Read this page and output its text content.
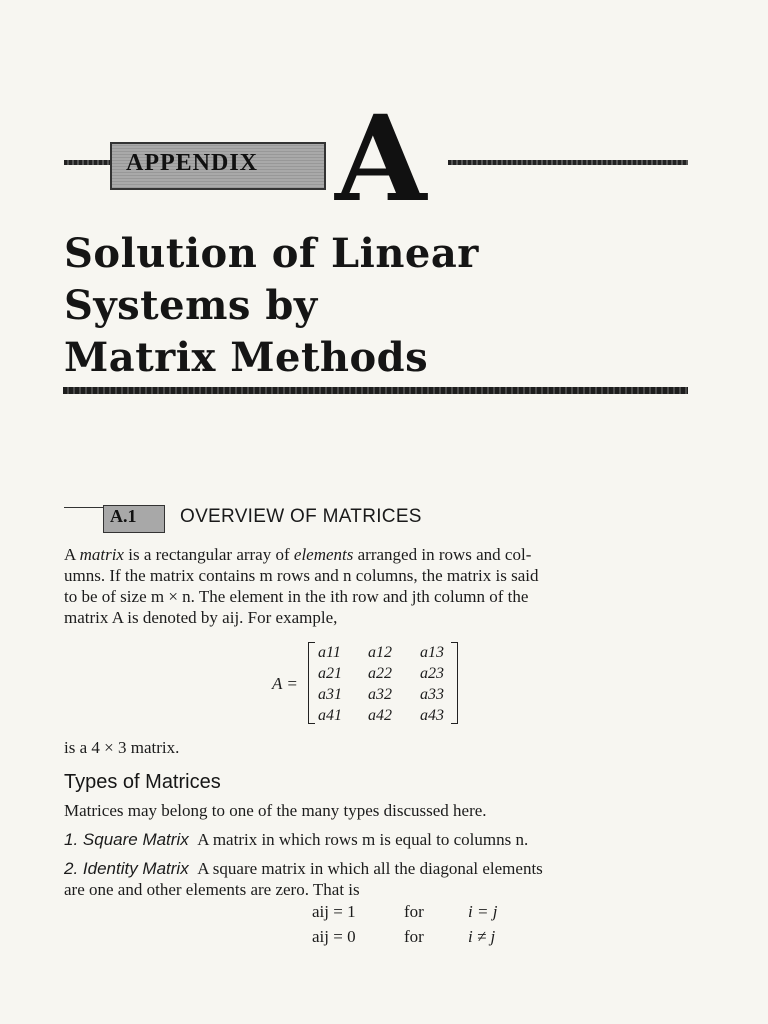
APPENDIX A
Solution of Linear
Systems by
Matrix Methods
A.1 OVERVIEW OF MATRICES

A matrix is a rectangular array of elements arranged in rows and col-

umns. If the matrix contains m rows and n columns, the matrix is said

to be of size m × n. The element in the ith row and jth column of the

matrix A is denoted by aij. For example,

A =
a11	a12	a13
a21	a22	a23
a31	a32	a33
a41	a42	a43
is a 4 × 3 matrix.
Types of Matrices
Matrices may belong to one of the many types discussed here.
1. Square Matrix A matrix in which rows m is equal to columns n.

2. Identity Matrix A square matrix in which all the diagonal elements

are one and other elements are zero. That is

aij = 1	for	i = j
aij = 0	for	i ≠ j
